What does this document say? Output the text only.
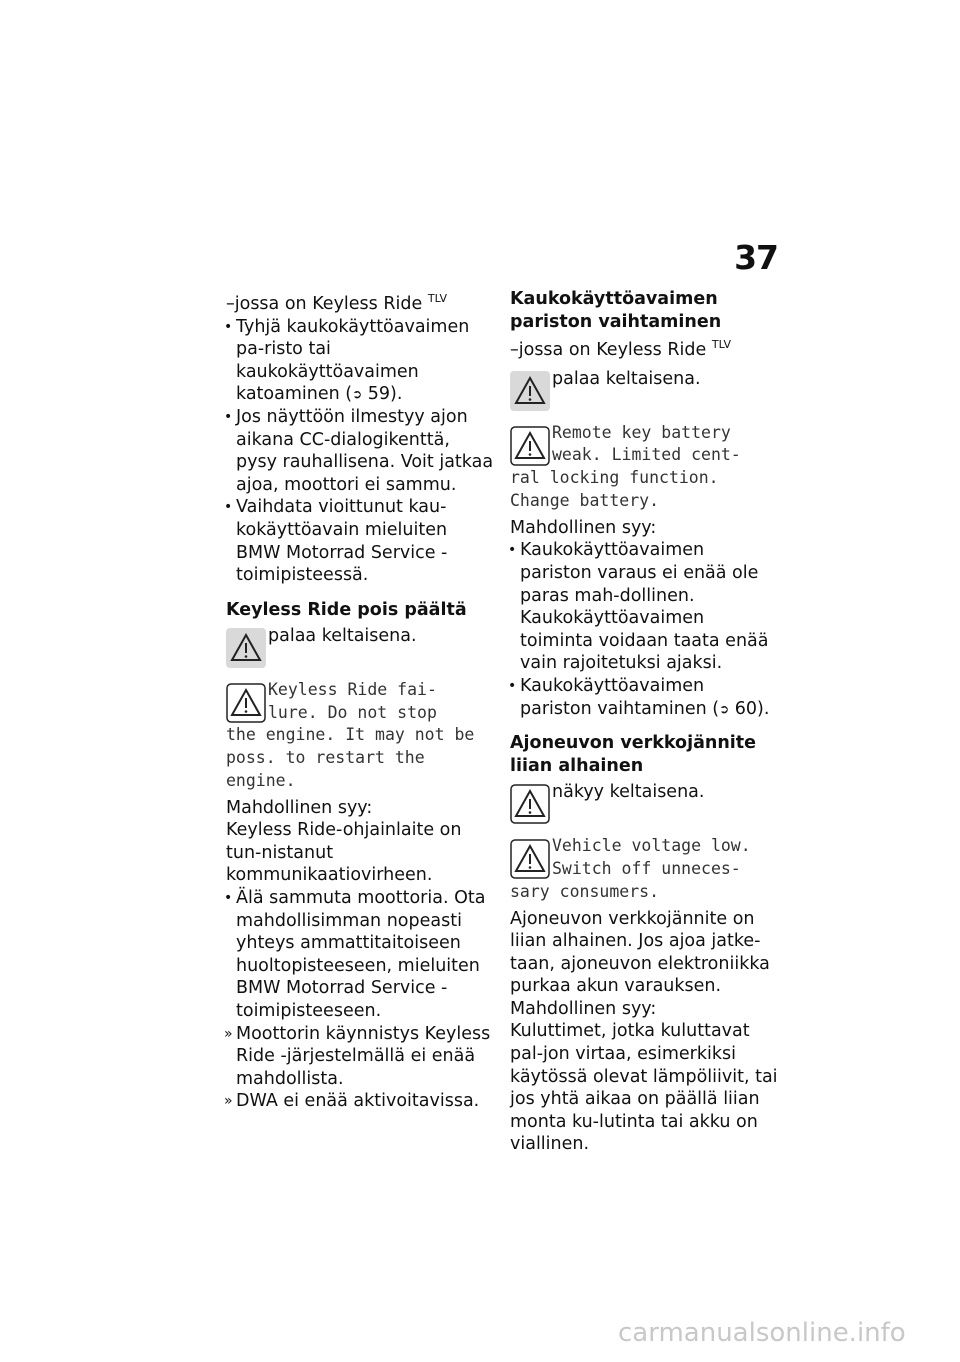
37

–jossa on Keyless Ride $^{TLV}$

• Tyhjä kaukokäyttöavaimen pa-risto tai kaukokäyttöavaimen katoaminen (➲ 59).

• Jos näyttöön ilmestyy ajon aikana CC-dialogikenttä, pysy rauhallisena. Voit jatkaa ajoa, moottori ei sammu.

• Vaihdata vioittunut kau-kokäyttöavain mieluiten BMW Motorrad Service -toimipisteessä.

Keyless Ride pois päältä

palaa keltaisena.

Keyless Ride fai-

lure. Do not stop

the engine. It may not be poss. to restart the engine.

Mahdollinen syy:

Keyless Ride-ohjainlaite on tun-nistanut kommunikaatiovirheen.

• Älä sammuta moottoria. Ota mahdollisimman nopeasti yhteys ammattitaitoiseen huoltopisteeseen, mieluiten BMW Motorrad Service -toimipisteeseen.

» Moottorin käynnistys Keyless Ride -järjestelmällä ei enää mahdollista.

» DWA ei enää aktivoitavissa.

Kaukokäyttöavaimen pariston vaihtaminen

–jossa on Keyless Ride $^{TLV}$

palaa keltaisena.

Remote key battery

weak. Limited cent-

ral locking function. Change battery.

Mahdollinen syy:

• Kaukokäyttöavaimen pariston varaus ei enää ole paras mah-dollinen. Kaukokäyttöavaimen toiminta voidaan taata enää vain rajoitetuksi ajaksi.

• Kaukokäyttöavaimen pariston vaihtaminen (➲ 60).

Ajoneuvon verkkojännite liian alhainen

näkyy keltaisena.

Vehicle voltage low.

Switch off unneces-

sary consumers.

Ajoneuvon verkkojännite on liian alhainen. Jos ajoa jatke-taan, ajoneuvon elektroniikka purkaa akun varauksen.

Mahdollinen syy:

Kuluttimet, jotka kuluttavat pal-jon virtaa, esimerkiksi käytössä olevat lämpöliivit, tai jos yhtä aikaa on päällä liian monta ku-lutinta tai akku on viallinen.

carmanualsonline.info
